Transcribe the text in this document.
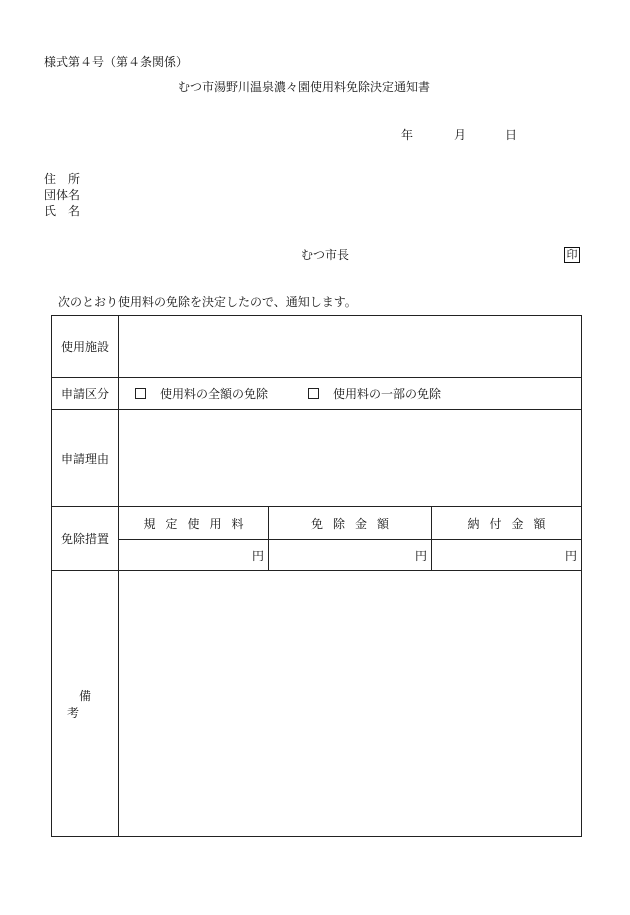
様式第４号（第４条関係）
むつ市湯野川温泉濃々園使用料免除決定通知書
年	月	日
住　所
団体名
氏　名
むつ市長	印
次のとおり使用料の免除を決定したので、通知します。
使用施設			
申請区分	使用料の全額の免除 使用料の一部の免除		
申請理由			
免除措置	規定使用料	免除金額	納付金額
	円	円	円
備考			
